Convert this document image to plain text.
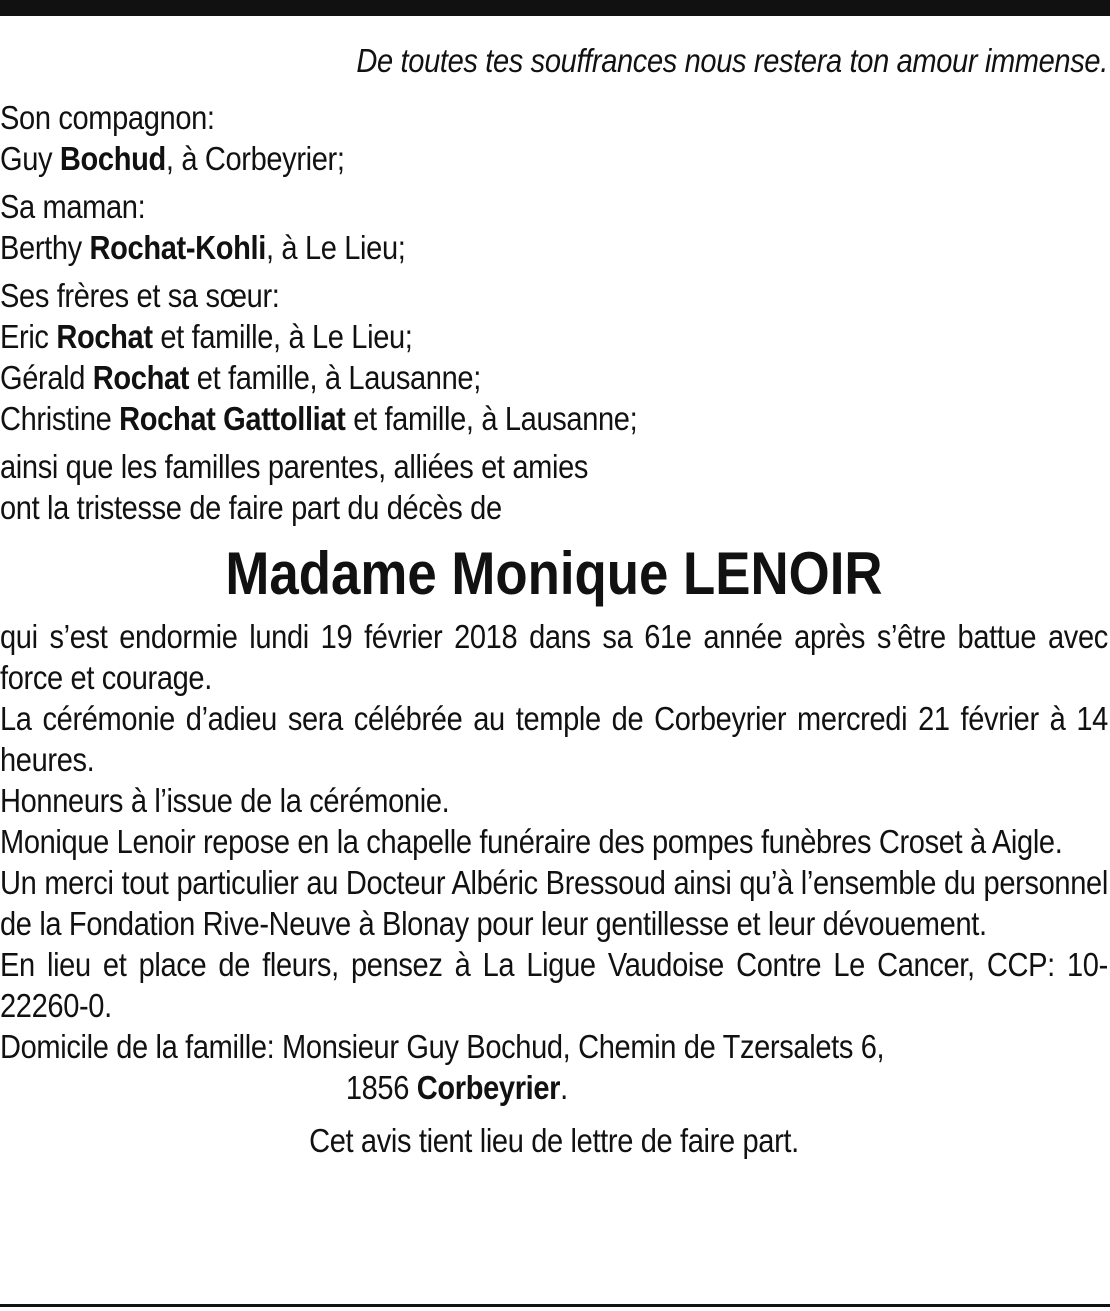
De toutes tes souffrances nous restera ton amour immense.
Son compagnon:
Guy Bochud, à Corbeyrier;
Sa maman:
Berthy Rochat-Kohli, à Le Lieu;
Ses frères et sa sœur:
Eric Rochat et famille, à Le Lieu;
Gérald Rochat et famille, à Lausanne;
Christine Rochat Gattolliat et famille, à Lausanne;
ainsi que les familles parentes, alliées et amies
ont la tristesse de faire part du décès de
Madame Monique LENOIR

qui s’est endormie lundi 19 février 2018 dans sa 61e année après s’être battue avec force et courage.

La cérémonie d’adieu sera célébrée au temple de Corbeyrier mercredi 21 février à 14 heures.

Honneurs à l’issue de la cérémonie.

Monique Lenoir repose en la chapelle funéraire des pompes funèbres Croset à Aigle.

Un merci tout particulier au Docteur Albéric Bressoud ainsi qu’à l’ensemble du personnel de la Fondation Rive-Neuve à Blonay pour leur gentillesse et leur dévouement.

En lieu et place de fleurs, pensez à La Ligue Vaudoise Contre Le Cancer, CCP: 10-22260-0.

Domicile de la famille: Monsieur Guy Bochud, Chemin de Tzersalets 6,
1856 Corbeyrier.
Cet avis tient lieu de lettre de faire part.
